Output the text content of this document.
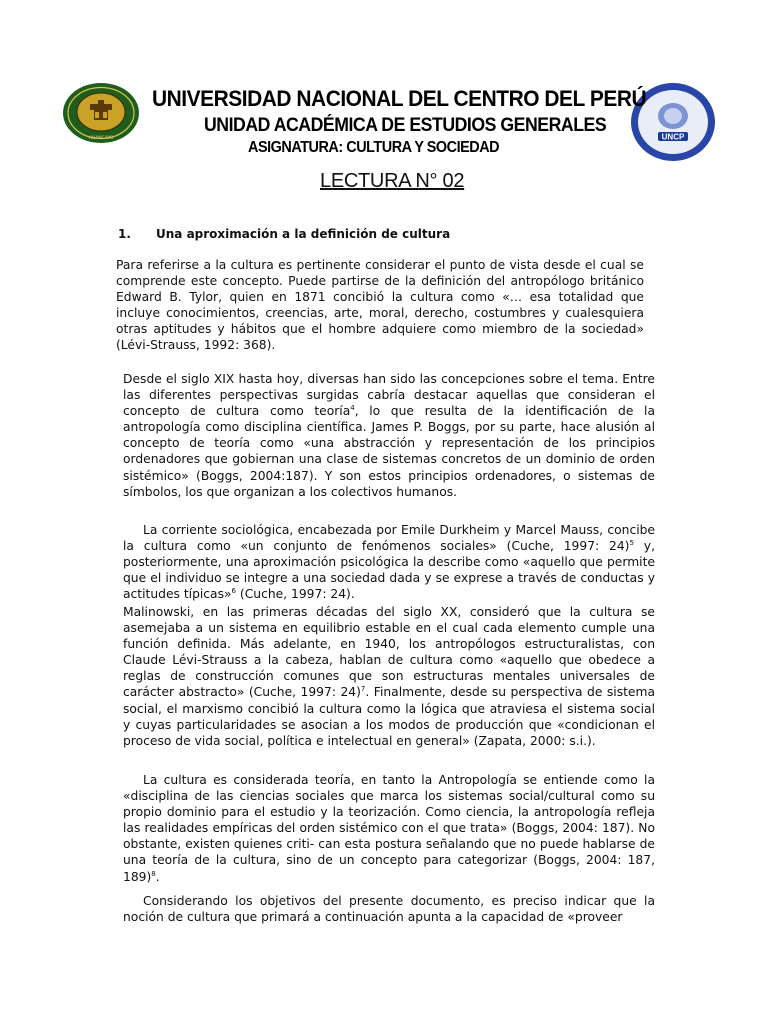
HUANCAYO	UNCP
UNIVERSIDAD NACIONAL DEL CENTRO DEL PERÚ
UNIDAD ACADÉMICA DE ESTUDIOS GENERALES
ASIGNATURA: CULTURA Y SOCIEDAD
LECTURA N° 02
1. Una aproximación a la definición de cultura
Para referirse a la cultura es pertinente considerar el punto de vista desde el cual se comprende este concepto. Puede partirse de la definición del antropólogo británico Edward B. Tylor, quien en 1871 concibió la cultura como «… esa totalidad que incluye conocimientos, creencias, arte, moral, derecho, costumbres y cualesquiera otras aptitudes y hábitos que el hombre adquiere como miembro de la sociedad» (Lévi-Strauss, 1992: 368).
Desde el siglo XIX hasta hoy, diversas han sido las concepciones sobre el tema. Entre las diferentes perspectivas surgidas cabría destacar aquellas que consideran el concepto de cultura como teoría$^4$, lo que resulta de la identificación de la antropología como disciplina científica. James P. Boggs, por su parte, hace alusión al concepto de teoría como «una abstracción y representación de los principios ordenadores que gobiernan una clase de sistemas concretos de un dominio de orden sistémico» (Boggs, 2004:187). Y son estos principios ordenadores, o sistemas de símbolos, los que organizan a los colectivos humanos.
La corriente sociológica, encabezada por Emile Durkheim y Marcel Mauss, concibe la cultura como «un conjunto de fenómenos sociales» (Cuche, 1997: 24)$^5$ y, posteriormente, una aproximación psicológica la describe como «aquello que permite que el individuo se integre a una sociedad dada y se exprese a través de conductas y actitudes típicas»$^6$ (Cuche, 1997: 24).
Malinowski, en las primeras décadas del siglo XX, consideró que la cultura se asemejaba a un sistema en equilibrio estable en el cual cada elemento cumple una función definida. Más adelante, en 1940, los antropólogos estructuralistas, con Claude Lévi-Strauss a la cabeza, hablan de cultura como «aquello que obedece a reglas de construcción comunes que son estructuras mentales universales de carácter abstracto» (Cuche, 1997: 24)$^7$. Finalmente, desde su perspectiva de sistema social, el marxismo concibió la cultura como la lógica que atraviesa el sistema social y cuyas particularidades se asocian a los modos de producción que «condicionan el proceso de vida social, política e intelectual en general» (Zapata, 2000: s.i.).
La cultura es considerada teoría, en tanto la Antropología se entiende como la «disciplina de las ciencias sociales que marca los sistemas social/cultural como su propio dominio para el estudio y la teorización. Como ciencia, la antropología refleja las realidades empíricas del orden sistémico con el que trata» (Boggs, 2004: 187). No obstante, existen quienes criti- can esta postura señalando que no puede hablarse de una teoría de la cultura, sino de un concepto para categorizar (Boggs, 2004: 187, 189)$^8$.
Considerando los objetivos del presente documento, es preciso indicar que la noción de cultura que primará a continuación apunta a la capacidad de «proveer
